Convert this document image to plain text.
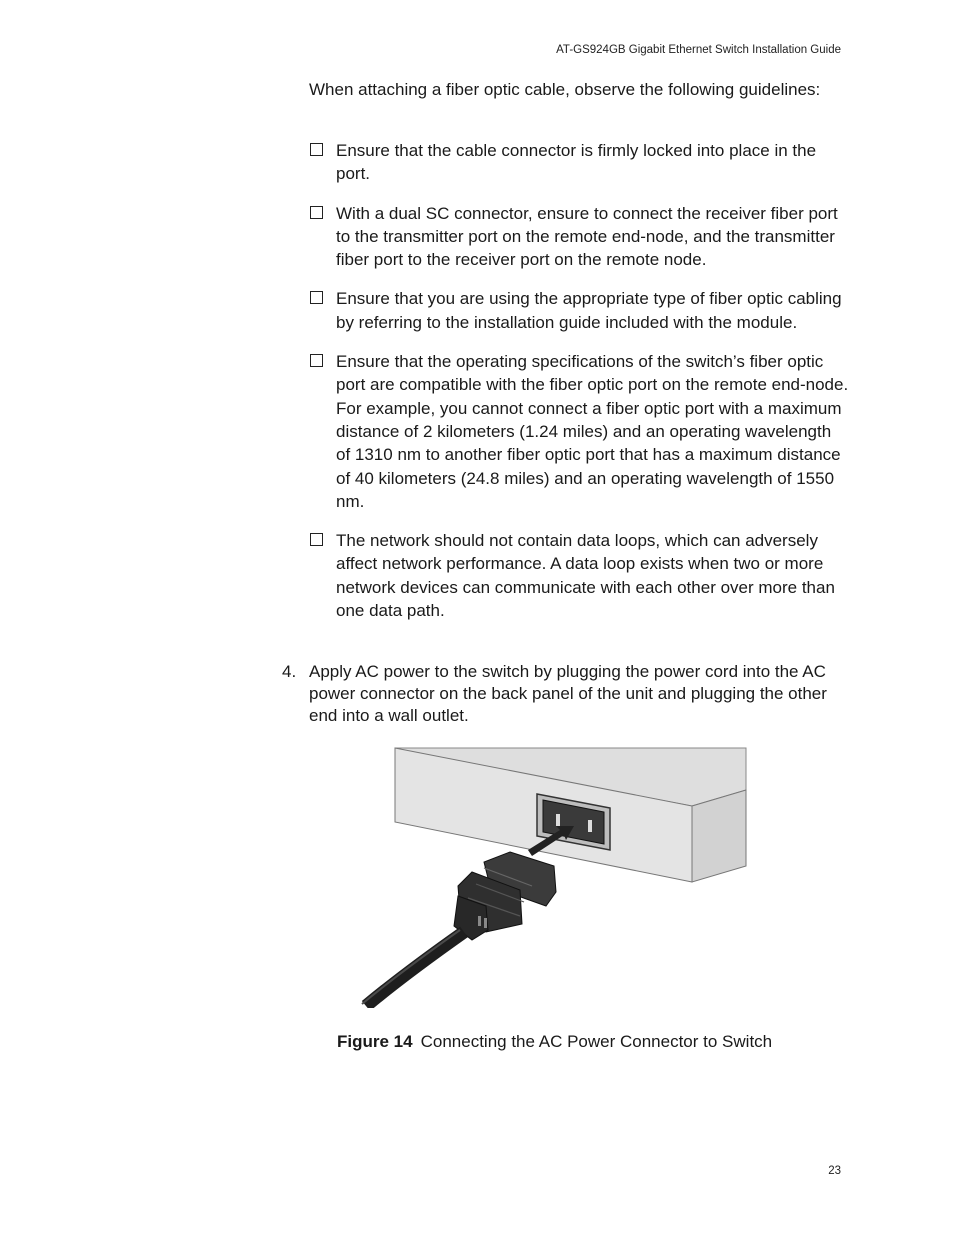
AT-GS924GB Gigabit Ethernet Switch Installation Guide
When attaching a fiber optic cable, observe the following guidelines:
Ensure that the cable connector is firmly locked into place in the port.
With a dual SC connector, ensure to connect the receiver fiber port to the transmitter port on the remote end-node, and the transmitter fiber port to the receiver port on the remote node.
Ensure that you are using the appropriate type of fiber optic cabling by referring to the installation guide included with the module.
Ensure that the operating specifications of the switch’s fiber optic port are compatible with the fiber optic port on the remote end-node. For example, you cannot connect a fiber optic port with a maximum distance of 2 kilometers (1.24 miles) and an operating wavelength of 1310 nm to another fiber optic port that has a maximum distance of 40 kilometers (24.8 miles) and an operating wavelength of 1550 nm.
The network should not contain data loops, which can adversely affect network performance. A data loop exists when two or more network devices can communicate with each other over more than one data path.
4. Apply AC power to the switch by plugging the power cord into the AC power connector on the back panel of the unit and plugging the other end into a wall outlet.
Figure 14 Connecting the AC Power Connector to Switch
23
